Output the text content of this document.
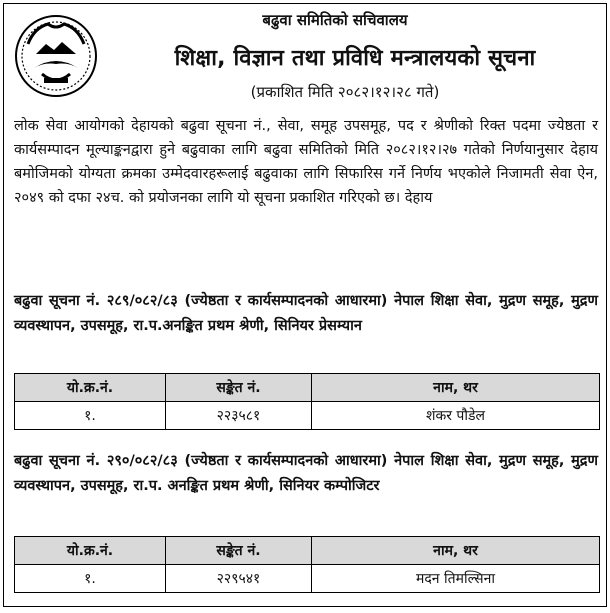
बढुवा समितिको सचिवालय
शिक्षा, विज्ञान तथा प्रविधि मन्त्रालयको सूचना
(प्रकाशित मिति २०८२।१२।२८ गते)
लोक सेवा आयोगको देहायको बढुवा सूचना नं., सेवा, समूह उपसमूह, पद र श्रेणीको रिक्त पदमा ज्येष्ठता र कार्यसम्पादन मूल्याङ्कनद्वारा हुने बढुवाका लागि बढुवा समितिको मिति २०८२।१२।२७ गतेको निर्णयानुसार देहाय बमोजिमको योग्यता क्रमका उम्मेदवारहरूलाई बढुवाका लागि सिफारिस गर्ने निर्णय भएकोले निजामती सेवा ऐन, २०४९ को दफा २४च. को प्रयोजनका लागि यो सूचना प्रकाशित गरिएको छ। देहाय
बढुवा सूचना नं. २८९/०८२/८३ (ज्येष्ठता र कार्यसम्पादनको आधारमा) नेपाल शिक्षा सेवा, मुद्रण समूह, मुद्रण व्यवस्थापन, उपसमूह, रा.प.अनङ्कित प्रथम श्रेणी, सिनियर प्रेसम्यान
यो.क्र.नं.	सङ्केत नं.	नाम, थर
१.	२२३५८१	शंकर पौडेल
बढुवा सूचना नं. २९०/०८२/८३ (ज्येष्ठता र कार्यसम्पादनको आधारमा) नेपाल शिक्षा सेवा, मुद्रण समूह, मुद्रण व्यवस्थापन, उपसमूह, रा.प. अनङ्कित प्रथम श्रेणी, सिनियर कम्पोजिटर
यो.क्र.नं.	सङ्केत नं.	नाम, थर
१.	२२९५४१	मदन तिमल्सिना
